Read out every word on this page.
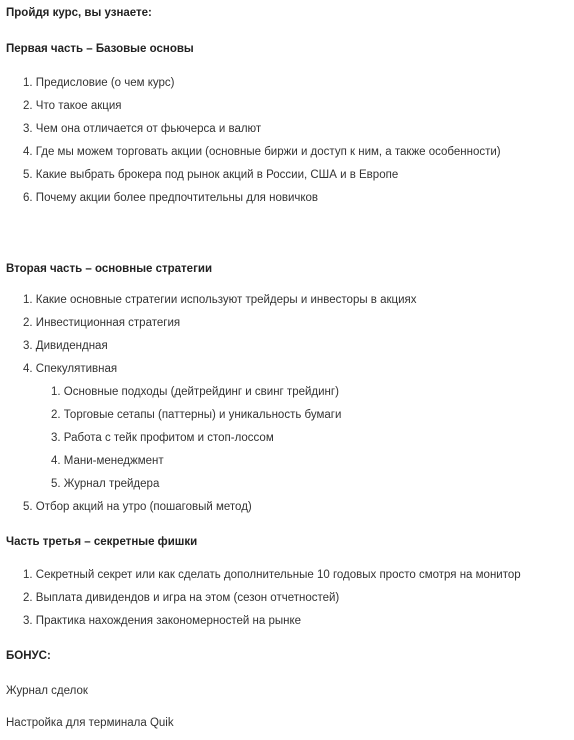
Пройдя курс, вы узнаете:
Первая часть – Базовые основы
1. Предисловие (о чем курс)
2. Что такое акция
3. Чем она отличается от фьючерса и валют
4. Где мы можем торговать акции (основные биржи и доступ к ним, а также особенности)
5. Какие выбрать брокера под рынок акций в России, США и в Европе
6. Почему акции более предпочтительны для новичков
Вторая часть – основные стратегии
1. Какие основные стратегии используют трейдеры и инвесторы в акциях
2. Инвестиционная стратегия
3. Дивидендная
4. Спекулятивная
1. Основные подходы (дейтрейдинг и свинг трейдинг)
2. Торговые сетапы (паттерны) и уникальность бумаги
3. Работа с тейк профитом и стоп-лоссом
4. Мани-менеджмент
5. Журнал трейдера
5. Отбор акций на утро (пошаговый метод)
Часть третья – секретные фишки
1. Секретный секрет или как сделать дополнительные 10 годовых просто смотря на монитор
2. Выплата дивидендов и игра на этом (сезон отчетностей)
3. Практика нахождения закономерностей на рынке
БОНУС:
Журнал сделок
Настройка для терминала Quik
